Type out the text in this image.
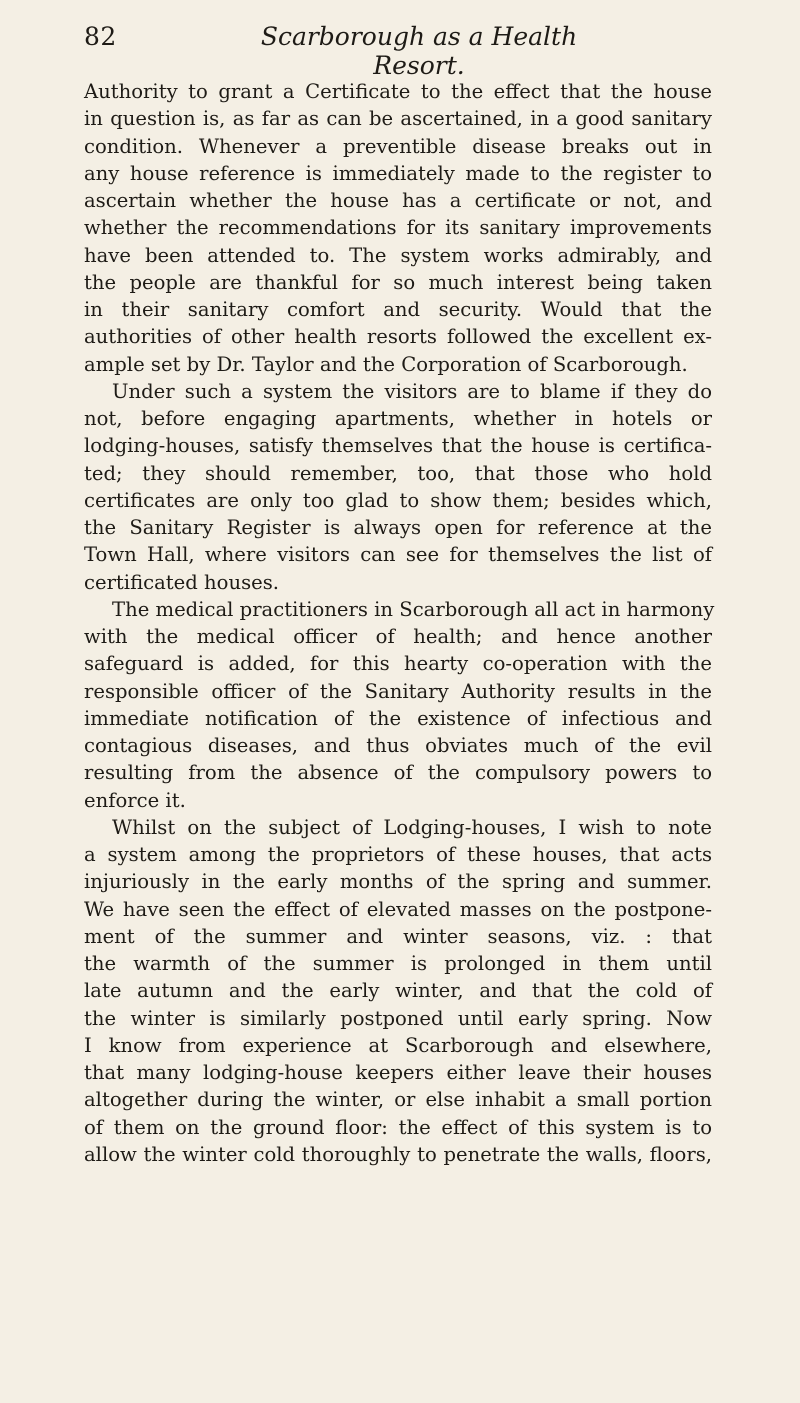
82	Scarborough as a Health Resort.

Authority to grant a Certificate to the effect that the house
in question is, as far as can be ascertained, in a good sanitary
condition. Whenever a preventible disease breaks out in
any house reference is immediately made to the register to
ascertain whether the house has a certificate or not, and
whether the recommendations for its sanitary improvements
have been attended to. The system works admirably, and
the people are thankful for so much interest being taken
in their sanitary comfort and security. Would that the
authorities of other health resorts followed the excellent ex-
ample set by Dr. Taylor and the Corporation of Scarborough.

Under such a system the visitors are to blame if they do
not, before engaging apartments, whether in hotels or
lodging-houses, satisfy themselves that the house is certifica-
ted; they should remember, too, that those who hold
certificates are only too glad to show them; besides which,
the Sanitary Register is always open for reference at the
Town Hall, where visitors can see for themselves the list of
certificated houses.

The medical practitioners in Scarborough all act in harmony
with the medical officer of health; and hence another
safeguard is added, for this hearty co-operation with the
responsible officer of the Sanitary Authority results in the
immediate notification of the existence of infectious and
contagious diseases, and thus obviates much of the evil
resulting from the absence of the compulsory powers to
enforce it.

Whilst on the subject of Lodging-houses, I wish to note
a system among the proprietors of these houses, that acts
injuriously in the early months of the spring and summer.
We have seen the effect of elevated masses on the postpone-
ment of the summer and winter seasons, viz. : that
the warmth of the summer is prolonged in them until
late autumn and the early winter, and that the cold of
the winter is similarly postponed until early spring. Now
I know from experience at Scarborough and elsewhere,
that many lodging-house keepers either leave their houses
altogether during the winter, or else inhabit a small portion
of them on the ground floor: the effect of this system is to
allow the winter cold thoroughly to penetrate the walls, floors,
